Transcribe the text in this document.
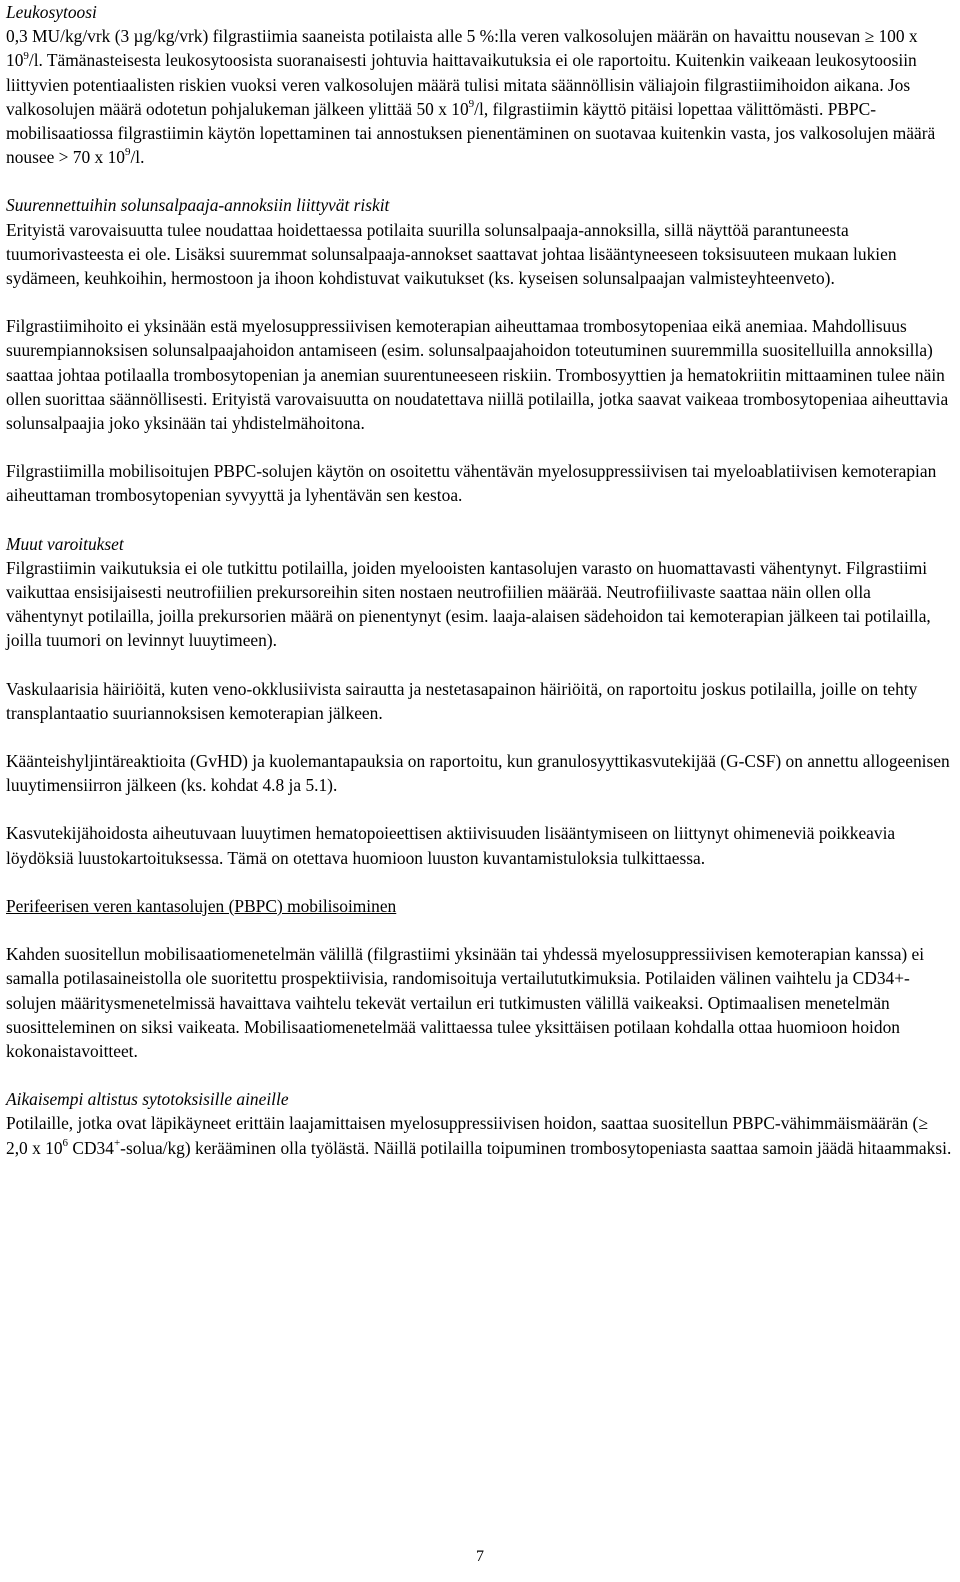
Leukosytoosi

0,3 MU/kg/vrk (3 µg/kg/vrk) filgrastiimia saaneista potilaista alle 5 %:lla veren valkosolujen määrän on havaittu nousevan ≥ 100 x $10^9/l$. Tämänasteisesta leukosytoosista suoranaisesti johtuvia haittavaikutuksia ei ole raportoitu. Kuitenkin vaikeaan leukosytoosiin liittyvien potentiaalisten riskien vuoksi veren valkosolujen määrä tulisi mitata säännöllisin väliajoin filgrastiimihoidon aikana. Jos valkosolujen määrä odotetun pohjalukeman jälkeen ylittää 50 x $10^9/l$, filgrastiimin käyttö pitäisi lopettaa välittömästi. PBPC-mobilisaatiossa filgrastiimin käytön lopettaminen tai annostuksen pienentäminen on suotavaa kuitenkin vasta, jos valkosolujen määrä nousee > 70 x $10^9/l$.

Suurennettuihin solunsalpaaja-annoksiin liittyvät riskit

Erityistä varovaisuutta tulee noudattaa hoidettaessa potilaita suurilla solunsalpaaja-annoksilla, sillä näyttöä parantuneesta tuumorivasteesta ei ole. Lisäksi suuremmat solunsalpaaja-annokset saattavat johtaa lisääntyneeseen toksisuuteen mukaan lukien sydämeen, keuhkoihin, hermostoon ja ihoon kohdistuvat vaikutukset (ks. kyseisen solunsalpaajan valmisteyhteenveto).

Filgrastiimihoito ei yksinään estä myelosuppressiivisen kemoterapian aiheuttamaa trombosytopeniaa eikä anemiaa. Mahdollisuus suurempiannoksisen solunsalpaajahoidon antamiseen (esim. solunsalpaajahoidon toteutuminen suuremmilla suositelluilla annoksilla) saattaa johtaa potilaalla trombosytopenian ja anemian suurentuneeseen riskiin. Trombosyyttien ja hematokriitin mittaaminen tulee näin ollen suorittaa säännöllisesti. Erityistä varovaisuutta on noudatettava niillä potilailla, jotka saavat vaikeaa trombosytopeniaa aiheuttavia solunsalpaajia joko yksinään tai yhdistelmähoitona.

Filgrastiimilla mobilisoitujen PBPC-solujen käytön on osoitettu vähentävän myelosuppressiivisen tai myeloablatiivisen kemoterapian aiheuttaman trombosytopenian syvyyttä ja lyhentävän sen kestoa.

Muut varoitukset

Filgrastiimin vaikutuksia ei ole tutkittu potilailla, joiden myelooisten kantasolujen varasto on huomattavasti vähentynyt. Filgrastiimi vaikuttaa ensisijaisesti neutrofiilien prekursoreihin siten nostaen neutrofiilien määrää. Neutrofiilivaste saattaa näin ollen olla vähentynyt potilailla, joilla prekursorien määrä on pienentynyt (esim. laaja-alaisen sädehoidon tai kemoterapian jälkeen tai potilailla, joilla tuumori on levinnyt luuytimeen).

Vaskulaarisia häiriöitä, kuten veno-okklusiivista sairautta ja nestetasapainon häiriöitä, on raportoitu joskus potilailla, joille on tehty transplantaatio suuriannoksisen kemoterapian jälkeen.

Käänteishyljintäreaktioita (GvHD) ja kuolemantapauksia on raportoitu, kun granulosyyttikasvutekijää (G-CSF) on annettu allogeenisen luuytimensiirron jälkeen (ks. kohdat 4.8 ja 5.1).

Kasvutekijähoidosta aiheutuvaan luuytimen hematopoieettisen aktiivisuuden lisääntymiseen on liittynyt ohimeneviä poikkeavia löydöksiä luustokartoituksessa. Tämä on otettava huomioon luuston kuvantamistuloksia tulkittaessa.

Perifeerisen veren kantasolujen (PBPC) mobilisoiminen

Kahden suositellun mobilisaatiomenetelmän välillä (filgrastiimi yksinään tai yhdessä myelosuppressiivisen kemoterapian kanssa) ei samalla potilasaineistolla ole suoritettu prospektiivisia, randomisoituja vertailututkimuksia. Potilaiden välinen vaihtelu ja CD34+-solujen määritysmenetelmissä havaittava vaihtelu tekevät vertailun eri tutkimusten välillä vaikeaksi. Optimaalisen menetelmän suositteleminen on siksi vaikeata. Mobilisaatiomenetelmää valittaessa tulee yksittäisen potilaan kohdalla ottaa huomioon hoidon kokonaistavoitteet.

Aikaisempi altistus sytotoksisille aineille

Potilaille, jotka ovat läpikäyneet erittäin laajamittaisen myelosuppressiivisen hoidon, saattaa suositellun PBPC-vähimmäismäärän (≥ 2,0 x $10^6$ CD34+-solua/kg) kerääminen olla työlästä. Näillä potilailla toipuminen trombosytopeniasta saattaa samoin jäädä hitaammaksi.

7
